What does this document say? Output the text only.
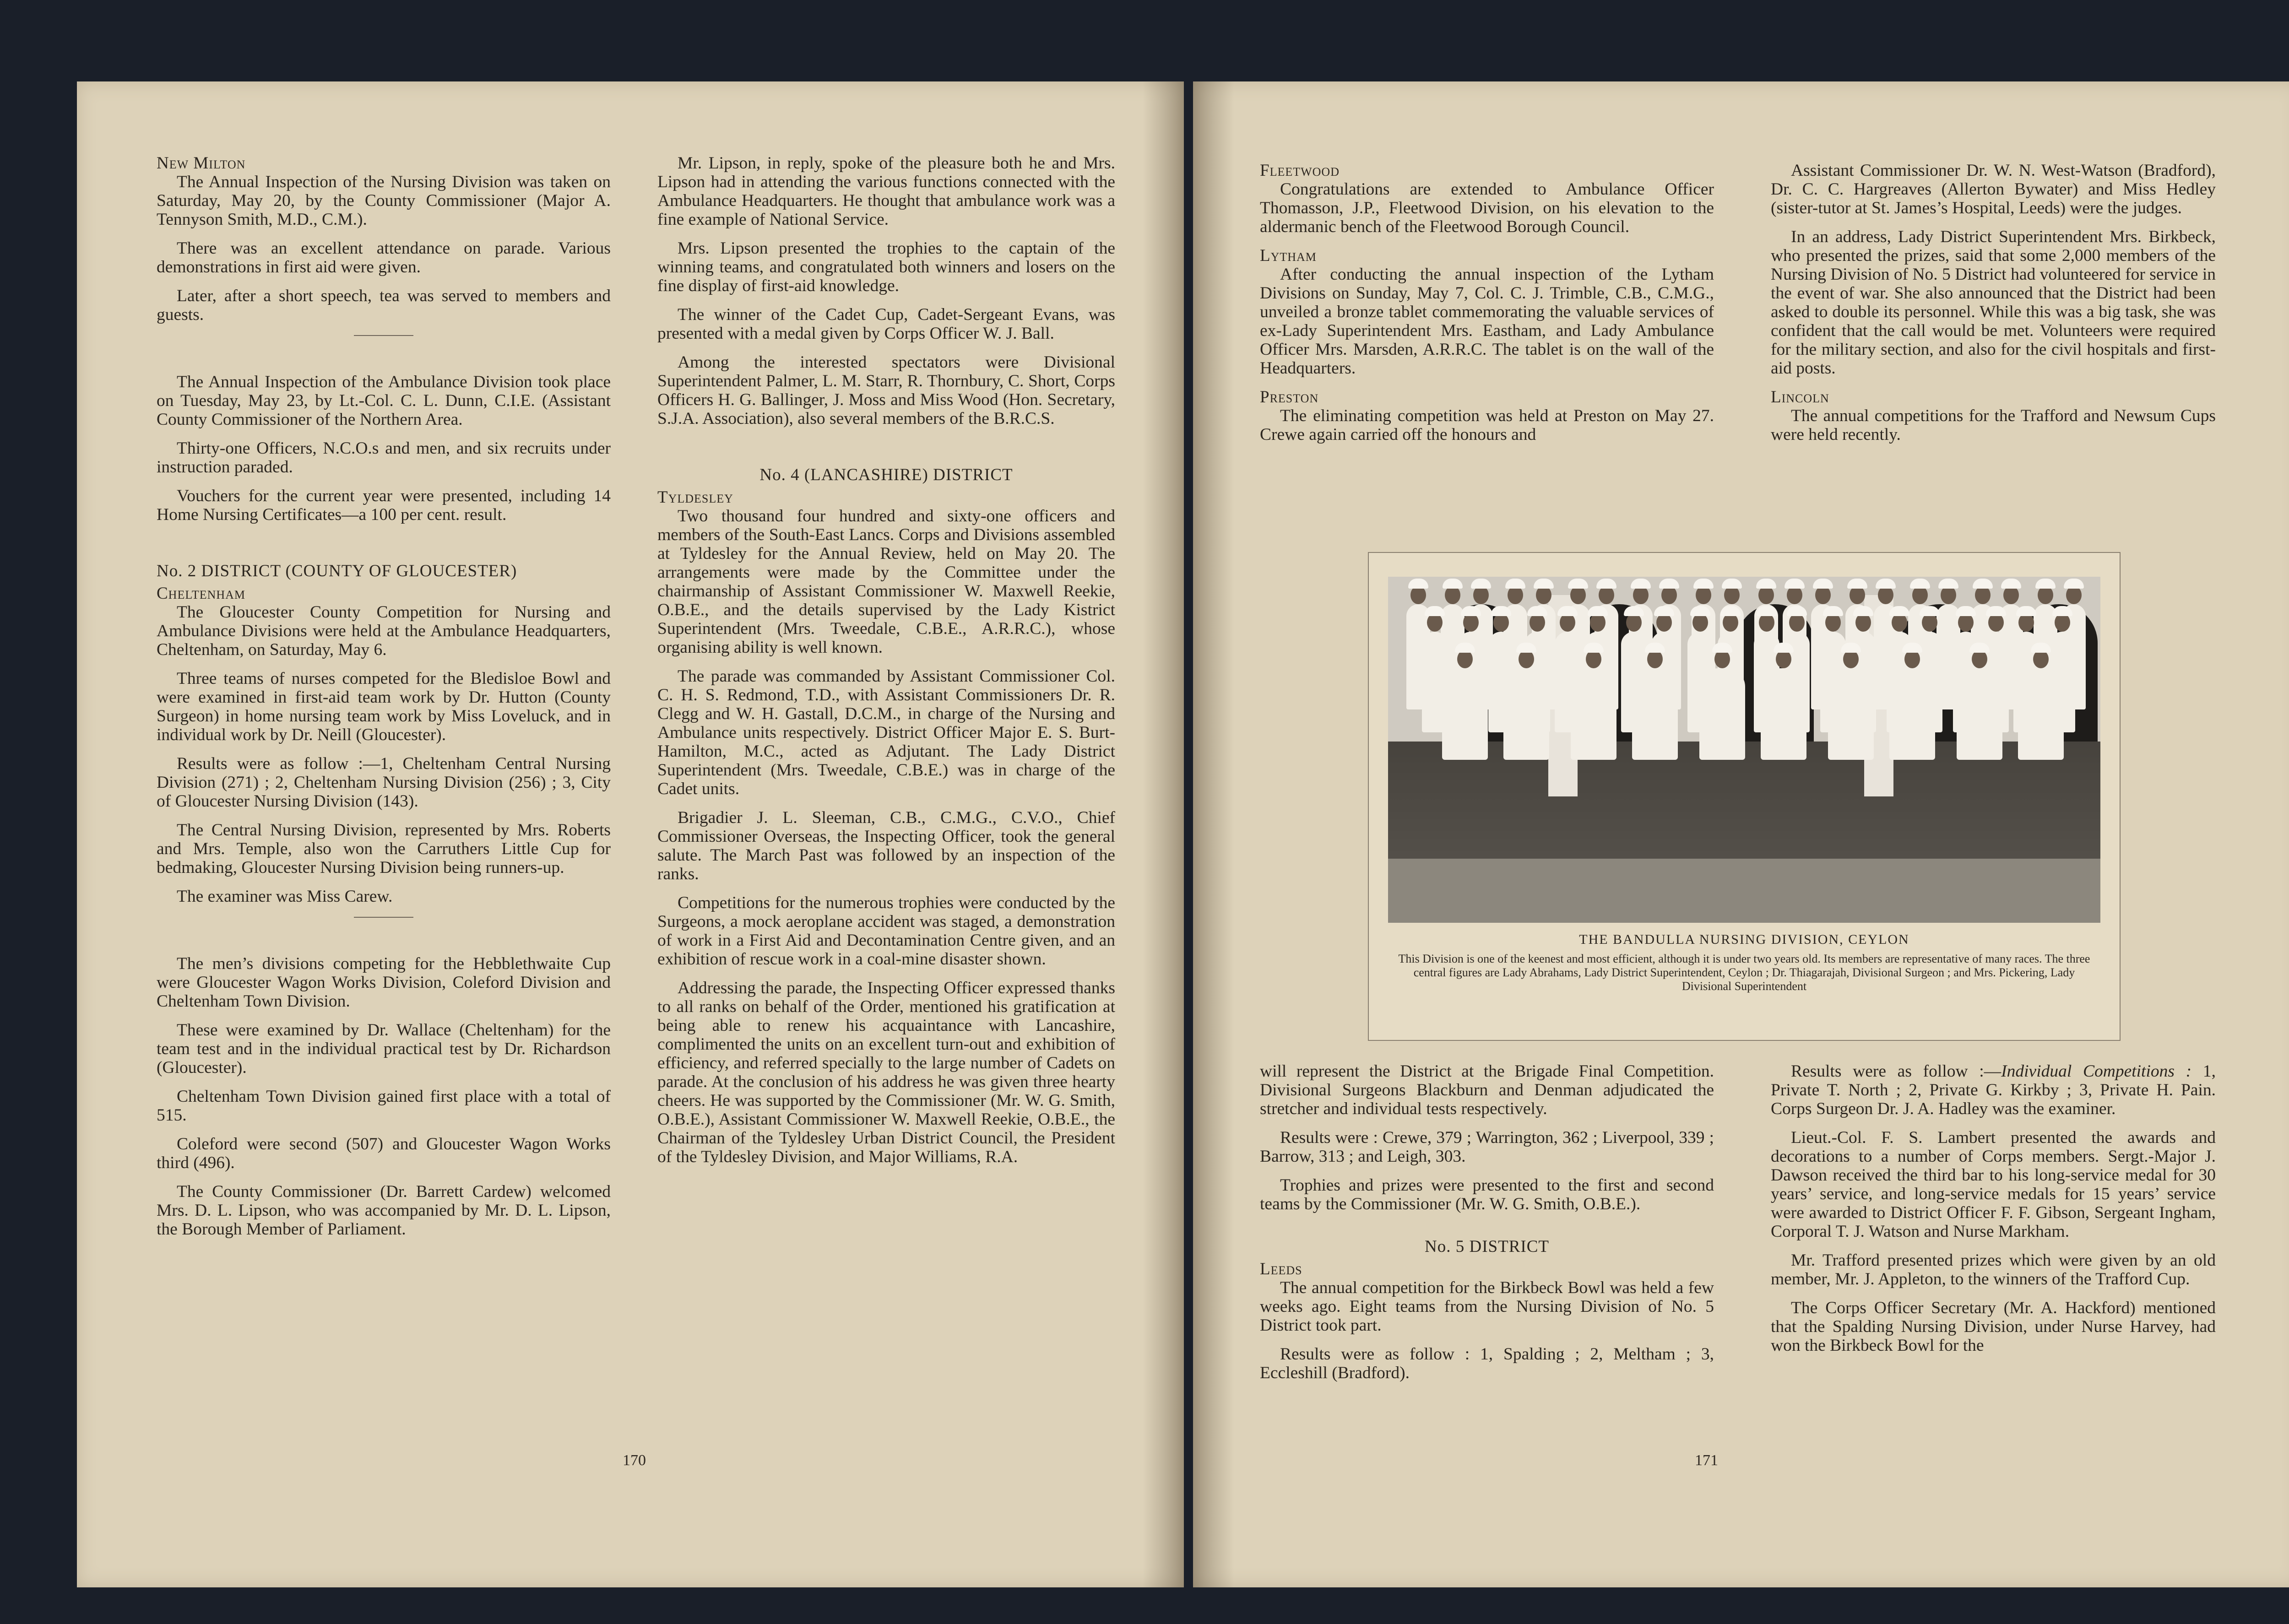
New Milton

The Annual Inspection of the Nursing Division was taken on Saturday, May 20, by the County Commissioner (Major A. Tennyson Smith, M.D., C.M.).

There was an excellent attendance on parade. Various demonstrations in first aid were given.

Later, after a short speech, tea was served to members and guests.

The Annual Inspection of the Ambulance Division took place on Tuesday, May 23, by Lt.-Col. C. L. Dunn, C.I.E. (Assistant County Commissioner of the Northern Area.

Thirty-one Officers, N.C.O.s and men, and six recruits under instruction paraded.

Vouchers for the current year were presented, including 14 Home Nursing Certificates—a 100 per cent. result.

No. 2 DISTRICT (COUNTY OF GLOUCESTER)
Cheltenham

The Gloucester County Competition for Nursing and Ambulance Divisions were held at the Ambulance Headquarters, Cheltenham, on Saturday, May 6.

Three teams of nurses competed for the Bledisloe Bowl and were examined in first-aid team work by Dr. Hutton (County Surgeon) in home nursing team work by Miss Loveluck, and in individual work by Dr. Neill (Gloucester).

Results were as follow :—1, Cheltenham Central Nursing Division (271) ; 2, Cheltenham Nursing Division (256) ; 3, City of Gloucester Nursing Division (143).

The Central Nursing Division, represented by Mrs. Roberts and Mrs. Temple, also won the Carruthers Little Cup for bedmaking, Gloucester Nursing Division being runners-up.

The examiner was Miss Carew.

The men’s divisions competing for the Hebblethwaite Cup were Gloucester Wagon Works Division, Coleford Division and Cheltenham Town Division.

These were examined by Dr. Wallace (Cheltenham) for the team test and in the individual practical test by Dr. Richardson (Gloucester).

Cheltenham Town Division gained first place with a total of 515.

Coleford were second (507) and Gloucester Wagon Works third (496).

The County Commissioner (Dr. Barrett Cardew) welcomed Mrs. D. L. Lipson, who was accompanied by Mr. D. L. Lipson, the Borough Member of Parliament.

Mr. Lipson, in reply, spoke of the pleasure both he and Mrs. Lipson had in attending the various functions connected with the Ambulance Headquarters. He thought that ambulance work was a fine example of National Service.

Mrs. Lipson presented the trophies to the captain of the winning teams, and congratulated both winners and losers on the fine display of first-aid knowledge.

The winner of the Cadet Cup, Cadet-Sergeant Evans, was presented with a medal given by Corps Officer W. J. Ball.

Among the interested spectators were Divisional Superintendent Palmer, L. M. Starr, R. Thornbury, C. Short, Corps Officers H. G. Ballinger, J. Moss and Miss Wood (Hon. Secretary, S.J.A. Association), also several members of the B.R.C.S.

No. 4 (LANCASHIRE) DISTRICT
Tyldesley

Two thousand four hundred and sixty-one officers and members of the South-East Lancs. Corps and Divisions assembled at Tyldesley for the Annual Review, held on May 20. The arrangements were made by the Committee under the chairmanship of Assistant Commissioner W. Maxwell Reekie, O.B.E., and the details supervised by the Lady Kistrict Superintendent (Mrs. Tweedale, C.B.E., A.R.R.C.), whose organising ability is well known.

The parade was commanded by Assistant Commissioner Col. C. H. S. Redmond, T.D., with Assistant Commissioners Dr. R. Clegg and W. H. Gastall, D.C.M., in charge of the Nursing and Ambulance units respectively. District Officer Major E. S. Burt-Hamilton, M.C., acted as Adjutant. The Lady District Superintendent (Mrs. Tweedale, C.B.E.) was in charge of the Cadet units.

Brigadier J. L. Sleeman, C.B., C.M.G., C.V.O., Chief Commissioner Overseas, the Inspecting Officer, took the general salute. The March Past was followed by an inspection of the ranks.

Competitions for the numerous trophies were conducted by the Surgeons, a mock aeroplane accident was staged, a demonstration of work in a First Aid and Decontamination Centre given, and an exhibition of rescue work in a coal-mine disaster shown.

Addressing the parade, the Inspecting Officer expressed thanks to all ranks on behalf of the Order, mentioned his gratification at being able to renew his acquaintance with Lancashire, complimented the units on an excellent turn-out and exhibition of efficiency, and referred specially to the large number of Cadets on parade. At the conclusion of his address he was given three hearty cheers. He was supported by the Commissioner (Mr. W. G. Smith, O.B.E.), Assistant Commissioner W. Maxwell Reekie, O.B.E., the Chairman of the Tyldesley Urban District Council, the President of the Tyldesley Division, and Major Williams, R.A.

170
Fleetwood

Congratulations are extended to Ambulance Officer Thomasson, J.P., Fleetwood Division, on his elevation to the aldermanic bench of the Fleetwood Borough Council.

Lytham

After conducting the annual inspection of the Lytham Divisions on Sunday, May 7, Col. C. J. Trimble, C.B., C.M.G., unveiled a bronze tablet commemorating the valuable services of ex-Lady Superintendent Mrs. Eastham, and Lady Ambulance Officer Mrs. Marsden, A.R.R.C. The tablet is on the wall of the Headquarters.

Preston

The eliminating competition was held at Preston on May 27. Crewe again carried off the honours and

Assistant Commissioner Dr. W. N. West-Watson (Bradford), Dr. C. C. Hargreaves (Allerton Bywater) and Miss Hedley (sister-tutor at St. James’s Hospital, Leeds) were the judges.

In an address, Lady District Superintendent Mrs. Birkbeck, who presented the prizes, said that some 2,000 members of the Nursing Division of No. 5 District had volunteered for service in the event of war. She also announced that the District had been asked to double its personnel. While this was a big task, she was confident that the call would be met. Volunteers were required for the military section, and also for the civil hospitals and first-aid posts.

Lincoln

The annual competitions for the Trafford and Newsum Cups were held recently.

THE BANDULLA NURSING DIVISION, CEYLON
This Division is one of the keenest and most efficient, although it is under two years old. Its members are representative of many races. The three central figures are Lady Abrahams, Lady District Superintendent, Ceylon ; Dr. Thiagarajah, Divisional Surgeon ; and Mrs. Pickering, Lady Divisional Superintendent

will represent the District at the Brigade Final Competition. Divisional Surgeons Blackburn and Denman adjudicated the stretcher and individual tests respectively.

Results were : Crewe, 379 ; Warrington, 362 ; Liverpool, 339 ; Barrow, 313 ; and Leigh, 303.

Trophies and prizes were presented to the first and second teams by the Commissioner (Mr. W. G. Smith, O.B.E.).

No. 5 DISTRICT
Leeds

The annual competition for the Birkbeck Bowl was held a few weeks ago. Eight teams from the Nursing Division of No. 5 District took part.

Results were as follow : 1, Spalding ; 2, Meltham ; 3, Eccleshill (Bradford).

Results were as follow :—Individual Competitions : 1, Private T. North ; 2, Private G. Kirkby ; 3, Private H. Pain. Corps Surgeon Dr. J. A. Hadley was the examiner.

Lieut.-Col. F. S. Lambert presented the awards and decorations to a number of Corps members. Sergt.-Major J. Dawson received the third bar to his long-service medal for 30 years’ service, and long-service medals for 15 years’ service were awarded to District Officer F. F. Gibson, Sergeant Ingham, Corporal T. J. Watson and Nurse Markham.

Mr. Trafford presented prizes which were given by an old member, Mr. J. Appleton, to the winners of the Trafford Cup.

The Corps Officer Secretary (Mr. A. Hackford) mentioned that the Spalding Nursing Division, under Nurse Harvey, had won the Birkbeck Bowl for the

171
